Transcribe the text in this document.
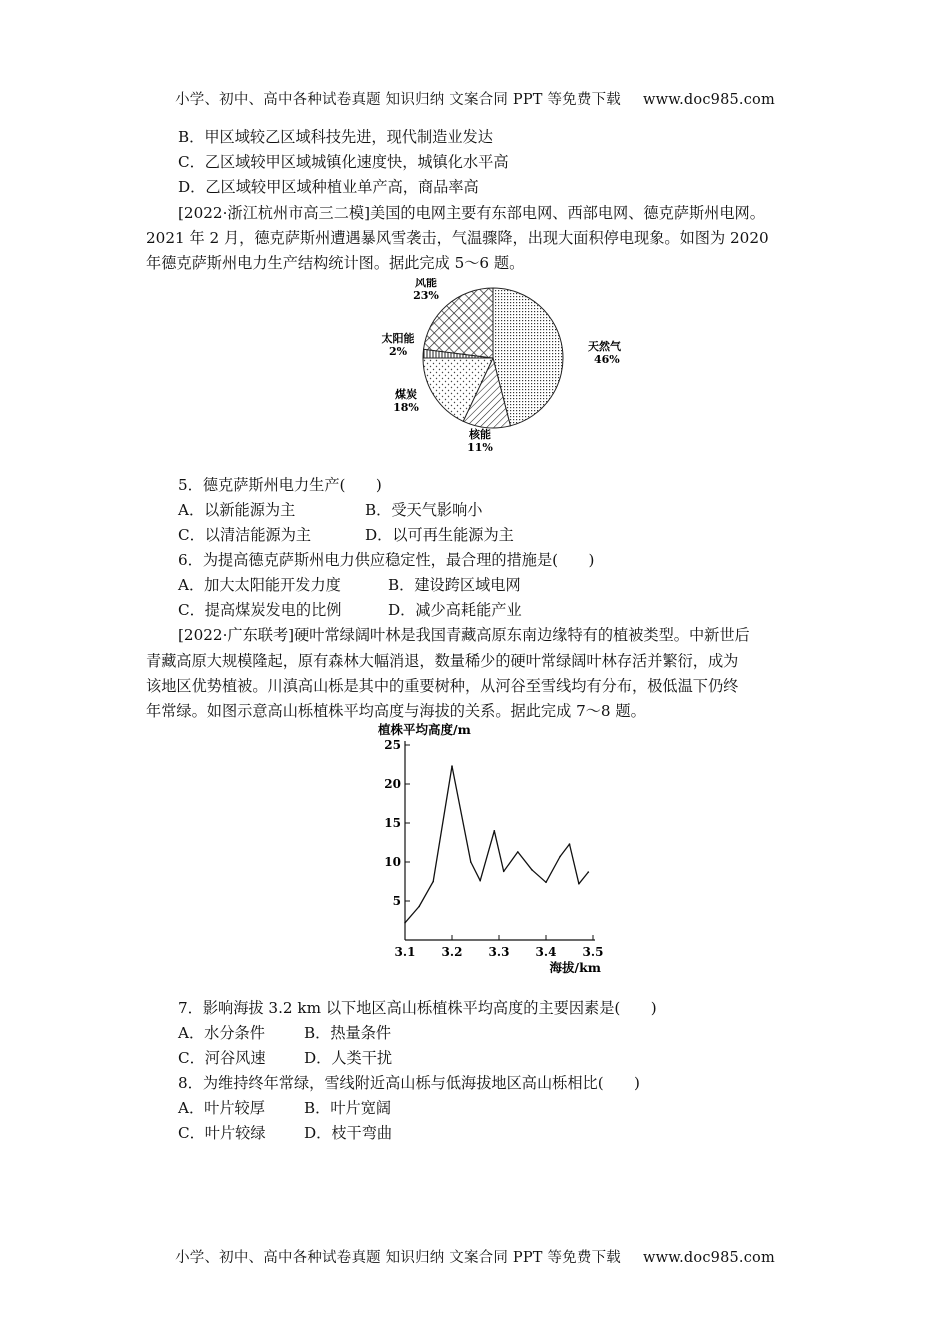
小学、初中、高中各种试卷真题 知识归纳 文案合同 PPT 等免费下载 www.doc985.com
B．甲区域较乙区域科技先进，现代制造业发达
C．乙区域较甲区域城镇化速度快，城镇化水平高
D．乙区域较甲区域种植业单产高，商品率高
[2022·浙江杭州市高三二模]美国的电网主要有东部电网、西部电网、德克萨斯州电网。
2021 年 2 月，德克萨斯州遭遇暴风雪袭击，气温骤降，出现大面积停电现象。如图为 2020
年德克萨斯州电力生产结构统计图。据此完成 5～6 题。
天然气
46%
核能
11%
煤炭
18%
太阳能
2%
风能
23%
5．德克萨斯州电力生产(　　)
A．以新能源为主	B．受天气影响小
C．以清洁能源为主	D．以可再生能源为主
6．为提高德克萨斯州电力供应稳定性，最合理的措施是(　　)
A．加大太阳能开发力度	B．建设跨区域电网
C．提高煤炭发电的比例	D．减少高耗能产业
[2022·广东联考]硬叶常绿阔叶林是我国青藏高原东南边缘特有的植被类型。中新世后
青藏高原大规模隆起，原有森林大幅消退，数量稀少的硬叶常绿阔叶林存活并繁衍，成为
该地区优势植被。川滇高山栎是其中的重要树种，从河谷至雪线均有分布，极低温下仍终
年常绿。如图示意高山栎植株平均高度与海拔的关系。据此完成 7～8 题。
植株平均高度/m
海拔/km
5
10
15
20
25
3.1 3.2 3.3 3.4 3.5
7．影响海拔 3.2 km 以下地区高山栎植株平均高度的主要因素是(　　)
A．水分条件	B．热量条件
C．河谷风速	D．人类干扰
8．为维持终年常绿，雪线附近高山栎与低海拔地区高山栎相比(　　)
A．叶片较厚	B．叶片宽阔
C．叶片较绿	D．枝干弯曲
小学、初中、高中各种试卷真题 知识归纳 文案合同 PPT 等免费下载 www.doc985.com
